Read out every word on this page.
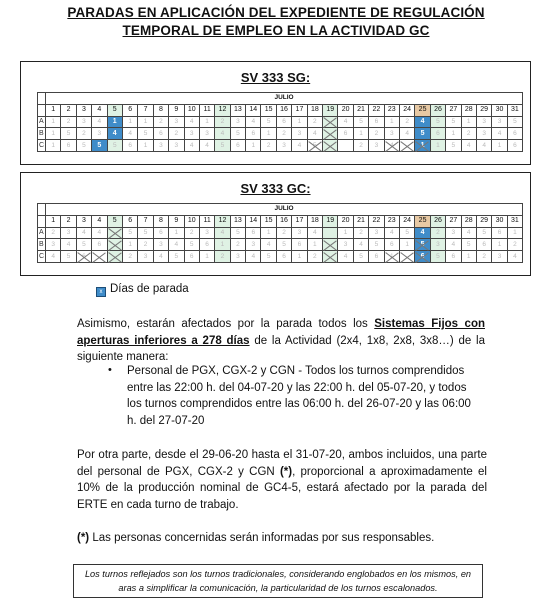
PARADAS EN APLICACIÓN DEL EXPEDIENTE DE REGULACIÓN
TEMPORAL DE EMPLEO EN LA ACTIVIDAD GC
SV 333 SG:
	JULIO																														
	1	2	3	4	5	6	7	8	9	10	11	12	13	14	15	16	17	18	19	20	21	22	23	24	25	26	27	28	29	30	31
A	1	2	3	4	1	1	1	2	3	4	1	2	3	4	5	6	1	2		4	5	6	1	2	4	5	5	1	3	3	5
B	1	5	2	3	4	4	5	6	2	3	3	4	5	6	1	2	3	4		6	1	2	3	4	5	6	1	2	3	4	6
C	1	6	5	5	5	6	1	3	3	4	4	5	6	1	2	3	4	5			2	3	4		1	1	5	4	4	1	6
SV 333 GC:
	JULIO																														
	1	2	3	4	5	6	7	8	9	10	11	12	13	14	15	16	17	18	19	20	21	22	23	24	25	26	27	28	29	30	31
A	2	3	4	4		5	5	6	1	2	3	4	5	6	1	2	3	4		1	2	3	4	5	4	2	3	4	5	6	1
B	3	4	5	6		1	2	3	4	5	6	1	2	3	4	5	6	1		3	4	5	6	1	5	3	4	5	6	1	2
C	4	5	6			2	3	4	5	6	1	2	3	4	5	6	1	2		4	5	6	1		6	5	6	1	2	3	4
x Días de parada
Asimismo, estarán afectados por la parada todos los Sistemas Fijos con aperturas inferiores a 278 días de la Actividad (2x4, 1x8, 2x8, 3x8…) de la siguiente manera:
•	Personal de PGX, CGX-2 y CGN - Todos los turnos comprendidos entre las 22:00 h. del 04-07-20 y las 22:00 h. del 05-07-20, y todos los turnos comprendidos entre las 06:00 h. del 26-07-20 y las 06:00 h. del 27-07-20
Por otra parte, desde el 29-06-20 hasta el 31-07-20, ambos incluidos, una parte del personal de PGX, CGX-2 y CGN (*), proporcional a aproximadamente el 10% de la producción nominal de GC4-5, estará afectado por la parada del ERTE en cada turno de trabajo.
(*) Las personas concernidas serán informadas por sus responsables.
Los turnos reflejados son los turnos tradicionales, considerando englobados en los mismos, en
aras a simplificar la comunicación, la particularidad de los turnos escalonados.
